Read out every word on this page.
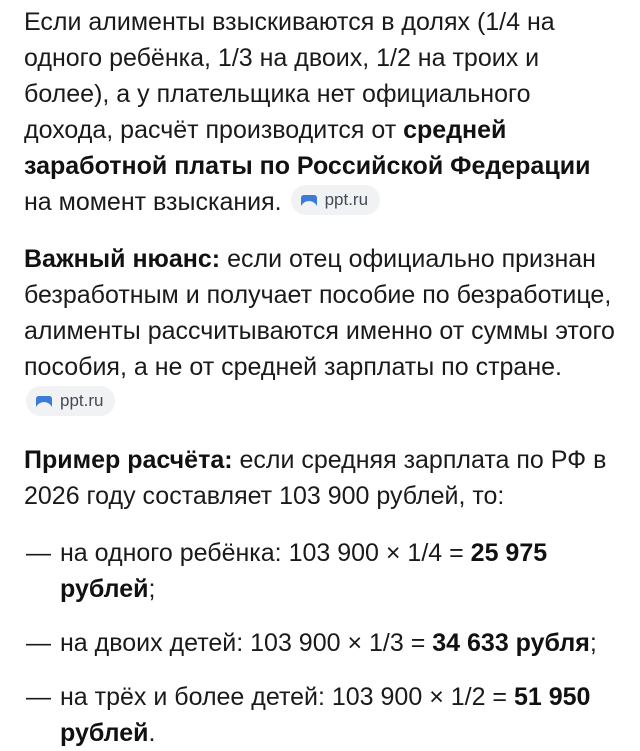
Если алименты взыскиваются в долях (1/4 на одного ребёнка, 1/3 на двоих, 1/2 на троих и более), а у плательщика нет официального дохода, расчёт производится от средней заработной платы по Российской Федерации на момент взыскания.	ppt.ru

Важный нюанс: если отец официально признан безработным и получает пособие по безработице, алименты рассчитываются именно от суммы этого пособия, а не от средней зарплаты по стране.
ppt.ru

Пример расчёта: если средняя зарплата по РФ в 2026 году составляет 103 900 рублей, то:

— на одного ребёнка: 103 900 × 1/4 = 25 975 рублей;
— на двоих детей: 103 900 × 1/3 = 34 633 рубля;
— на трёх и более детей: 103 900 × 1/2 = 51 950 рублей.
